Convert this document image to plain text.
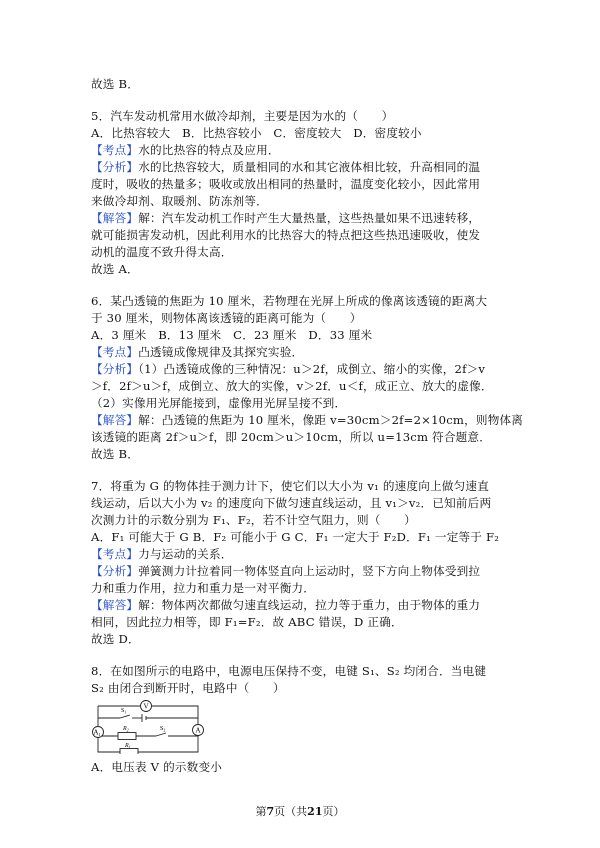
故选 B．
5．汽车发动机常用水做冷却剂，主要是因为水的（　　）
A．比热容较大　B．比热容较小　C．密度较大　D．密度较小
【考点】水的比热容的特点及应用．
【分析】水的比热容较大，质量相同的水和其它液体相比较，升高相同的温
度时，吸收的热量多；吸收或放出相同的热量时，温度变化较小，因此常用
来做冷却剂、取暖剂、防冻剂等．
【解答】解：汽车发动机工作时产生大量热量，这些热量如果不迅速转移，
就可能损害发动机，因此利用水的比热容大的特点把这些热迅速吸收，使发
动机的温度不致升得太高．
故选 A．
6．某凸透镜的焦距为 10 厘米，若物理在光屏上所成的像离该透镜的距离大
于 30 厘米，则物体离该透镜的距离可能为（　　）
A．3 厘米　B．13 厘米　C．23 厘米　D．33 厘米
【考点】凸透镜成像规律及其探究实验．
【分析】（1）凸透镜成像的三种情况：u＞2f，成倒立、缩小的实像，2f＞v
＞f．2f＞u＞f，成倒立、放大的实像，v＞2f．u＜f，成正立、放大的虚像．
（2）实像用光屏能接到，虚像用光屏呈接不到．
【解答】解：凸透镜的焦距为 10 厘米，像距 v=30cm＞2f=2×10cm，则物体离
该透镜的距离 2f＞u＞f，即 20cm＞u＞10cm，所以 u=13cm 符合题意．
故选 B．
7．将重为 G 的物体挂于测力计下，使它们以大小为 v₁ 的速度向上做匀速直
线运动，后以大小为 v₂ 的速度向下做匀速直线运动，且 v₁＞v₂．已知前后两
次测力计的示数分别为 F₁、F₂，若不计空气阻力，则（　　）
A．F₁ 可能大于 G B．F₂ 可能小于 G C．F₁ 一定大于 F₂D．F₁ 一定等于 F₂
【考点】力与运动的关系．
【分析】弹簧测力计拉着同一物体竖直向上运动时，竖下方向上物体受到拉
力和重力作用，拉力和重力是一对平衡力．
【解答】解：物体两次都做匀速直线运动，拉力等于重力，由于物体的重力
相同，因此拉力相等，即 F₁=F₂．故 ABC 错误，D 正确．
故选 D．
8．在如图所示的电路中，电源电压保持不变，电键 S₁、S₂ 均闭合．当电键
S₂ 由闭合到断开时，电路中（　　）
V
A
$A_1$
$S_1$
$R_2$	$S_2$
$R_1$
A．电压表 V 的示数变小
第7页（共21页）
